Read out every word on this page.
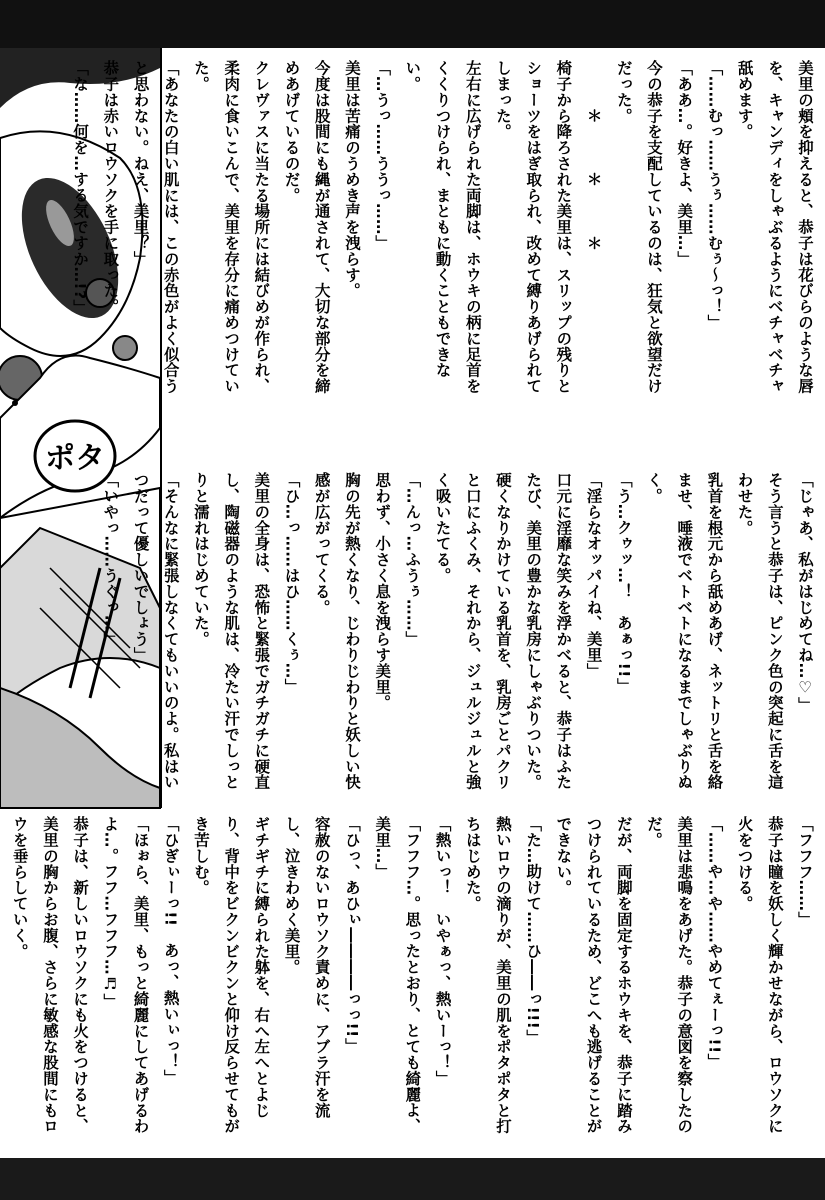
ポタ
美里の頬を抑えると、恭子は花びらのような唇を、キャンディをしゃぶるようにベチャベチャ舐めます。
「……むっ……うぅ……むぅ～っ！」
「ああ…。好きよ、美里…」
今の恭子を支配しているのは、狂気と欲望だけだった。
　　　＊　　　＊　　　＊
椅子から降ろされた美里は、スリップの残りとショーツをはぎ取られ、改めて縛りあげられてしまった。
左右に広げられた両脚は、ホウキの柄に足首をくくりつけられ、まともに動くこともできない。
「…うっ……ううっ……」
美里は苦痛のうめき声を洩らす。
今度は股間にも縄が通されて、大切な部分を締めあげているのだ。
クレヴァスに当たる場所には結びめが作られ、柔肉に食いこんで、美里を存分に痛めつけていた。
「あなたの白い肌には、この赤色がよく似合うと思わない。ねえ、美里？」
恭子は赤いロウソクを手に取った。
「な……何を…する気ですか…!?」
「じゃあ、私がはじめてね…♡」
そう言うと恭子は、ピンク色の突起に舌を這わせた。
乳首を根元から舐めあげ、ネットリと舌を絡ませ、唾液でベトベトになるまでしゃぶりぬく。
「う…クゥッ…！　あぁっ!!」
「淫らなオッパイね、美里」
口元に淫靡な笑みを浮かべると、恭子はふたたび、美里の豊かな乳房にしゃぶりついた。
硬くなりかけている乳首を、乳房ごとパクリと口にふくみ、それから、ジュルジュルと強く吸いたてる。
「…んっ…ふうぅ……」
思わず、小さく息を洩らす美里。
胸の先が熱くなり、じわりじわりと妖しい快感が広がってくる。
「ひ…っ……はひ……くぅ…」
美里の全身は、恐怖と緊張でガチガチに硬直し、陶磁器のような肌は、冷たい汗でしっとりと濡れはじめていた。
「そんなに緊張しなくてもいいのよ。私はいつだって優しいでしょう」
「いやっ……うぐっ…」
「フフフ……」
恭子は瞳を妖しく輝かせながら、ロウソクに火をつける。
「……や…や……やめてぇーっ!!」
美里は悲鳴をあげた。恭子の意図を察したのだ。
だが、両脚を固定するホウキを、恭子に踏みつけられているため、どこへも逃げることができない。
「た…助けて……ひ――っ!!!」
熱いロウの滴りが、美里の肌をポタポタと打ちはじめた。
「熱いっ！　いやぁっ、熱いーっ！」
「フフフ…。思ったとおり、とても綺麗よ、美里…」
「ひっ、あひぃ――――っっ!!」
容赦のないロウソク責めに、アブラ汗を流し、泣きわめく美里。
ギチギチに縛られた躰を、右へ左へとよじり、背中をビクンビクンと仰け反らせてもがき苦しむ。
「ひぎぃーっ!!　あっ、熱いぃっ！」
「ほぉら、美里、もっと綺麗にしてあげるわよ…。フフ…フフフ…♬」
恭子は、新しいロウソクにも火をつけると、美里の胸からお腹、さらに敏感な股間にもロウを垂らしていく。
